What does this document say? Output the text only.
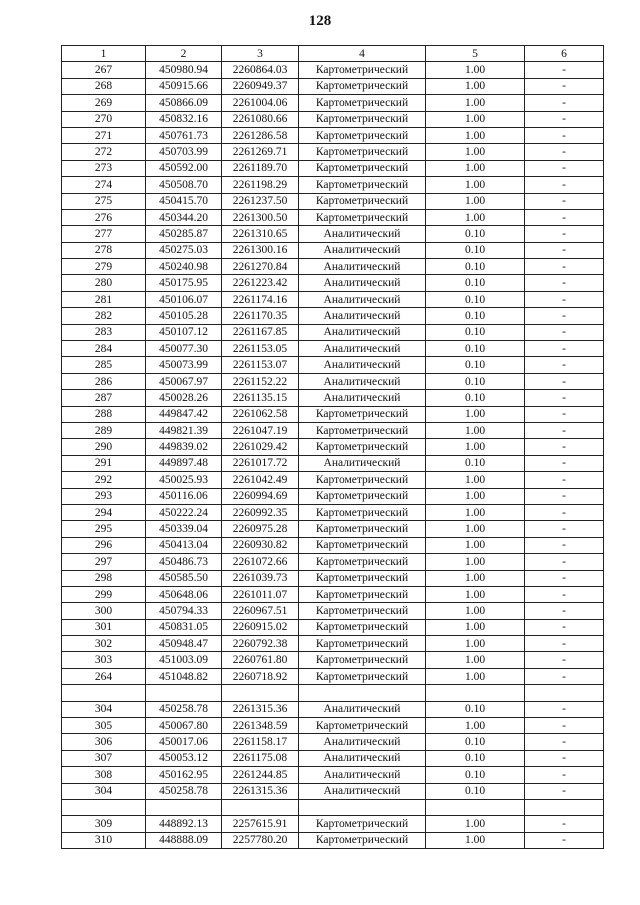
128
1	2	3	4	5	6
267	450980.94	2260864.03	Картометрический	1.00	-
268	450915.66	2260949.37	Картометрический	1.00	-
269	450866.09	2261004.06	Картометрический	1.00	-
270	450832.16	2261080.66	Картометрический	1.00	-
271	450761.73	2261286.58	Картометрический	1.00	-
272	450703.99	2261269.71	Картометрический	1.00	-
273	450592.00	2261189.70	Картометрический	1.00	-
274	450508.70	2261198.29	Картометрический	1.00	-
275	450415.70	2261237.50	Картометрический	1.00	-
276	450344.20	2261300.50	Картометрический	1.00	-
277	450285.87	2261310.65	Аналитический	0.10	-
278	450275.03	2261300.16	Аналитический	0.10	-
279	450240.98	2261270.84	Аналитический	0.10	-
280	450175.95	2261223.42	Аналитический	0.10	-
281	450106.07	2261174.16	Аналитический	0.10	-
282	450105.28	2261170.35	Аналитический	0.10	-
283	450107.12	2261167.85	Аналитический	0.10	-
284	450077.30	2261153.05	Аналитический	0.10	-
285	450073.99	2261153.07	Аналитический	0.10	-
286	450067.97	2261152.22	Аналитический	0.10	-
287	450028.26	2261135.15	Аналитический	0.10	-
288	449847.42	2261062.58	Картометрический	1.00	-
289	449821.39	2261047.19	Картометрический	1.00	-
290	449839.02	2261029.42	Картометрический	1.00	-
291	449897.48	2261017.72	Аналитический	0.10	-
292	450025.93	2261042.49	Картометрический	1.00	-
293	450116.06	2260994.69	Картометрический	1.00	-
294	450222.24	2260992.35	Картометрический	1.00	-
295	450339.04	2260975.28	Картометрический	1.00	-
296	450413.04	2260930.82	Картометрический	1.00	-
297	450486.73	2261072.66	Картометрический	1.00	-
298	450585.50	2261039.73	Картометрический	1.00	-
299	450648.06	2261011.07	Картометрический	1.00	-
300	450794.33	2260967.51	Картометрический	1.00	-
301	450831.05	2260915.02	Картометрический	1.00	-
302	450948.47	2260792.38	Картометрический	1.00	-
303	451003.09	2260761.80	Картометрический	1.00	-
264	451048.82	2260718.92	Картометрический	1.00	-

304	450258.78	2261315.36	Аналитический	0.10	-
305	450067.80	2261348.59	Картометрический	1.00	-
306	450017.06	2261158.17	Аналитический	0.10	-
307	450053.12	2261175.08	Аналитический	0.10	-
308	450162.95	2261244.85	Аналитический	0.10	-
304	450258.78	2261315.36	Аналитический	0.10	-

309	448892.13	2257615.91	Картометрический	1.00	-
310	448888.09	2257780.20	Картометрический	1.00	-
